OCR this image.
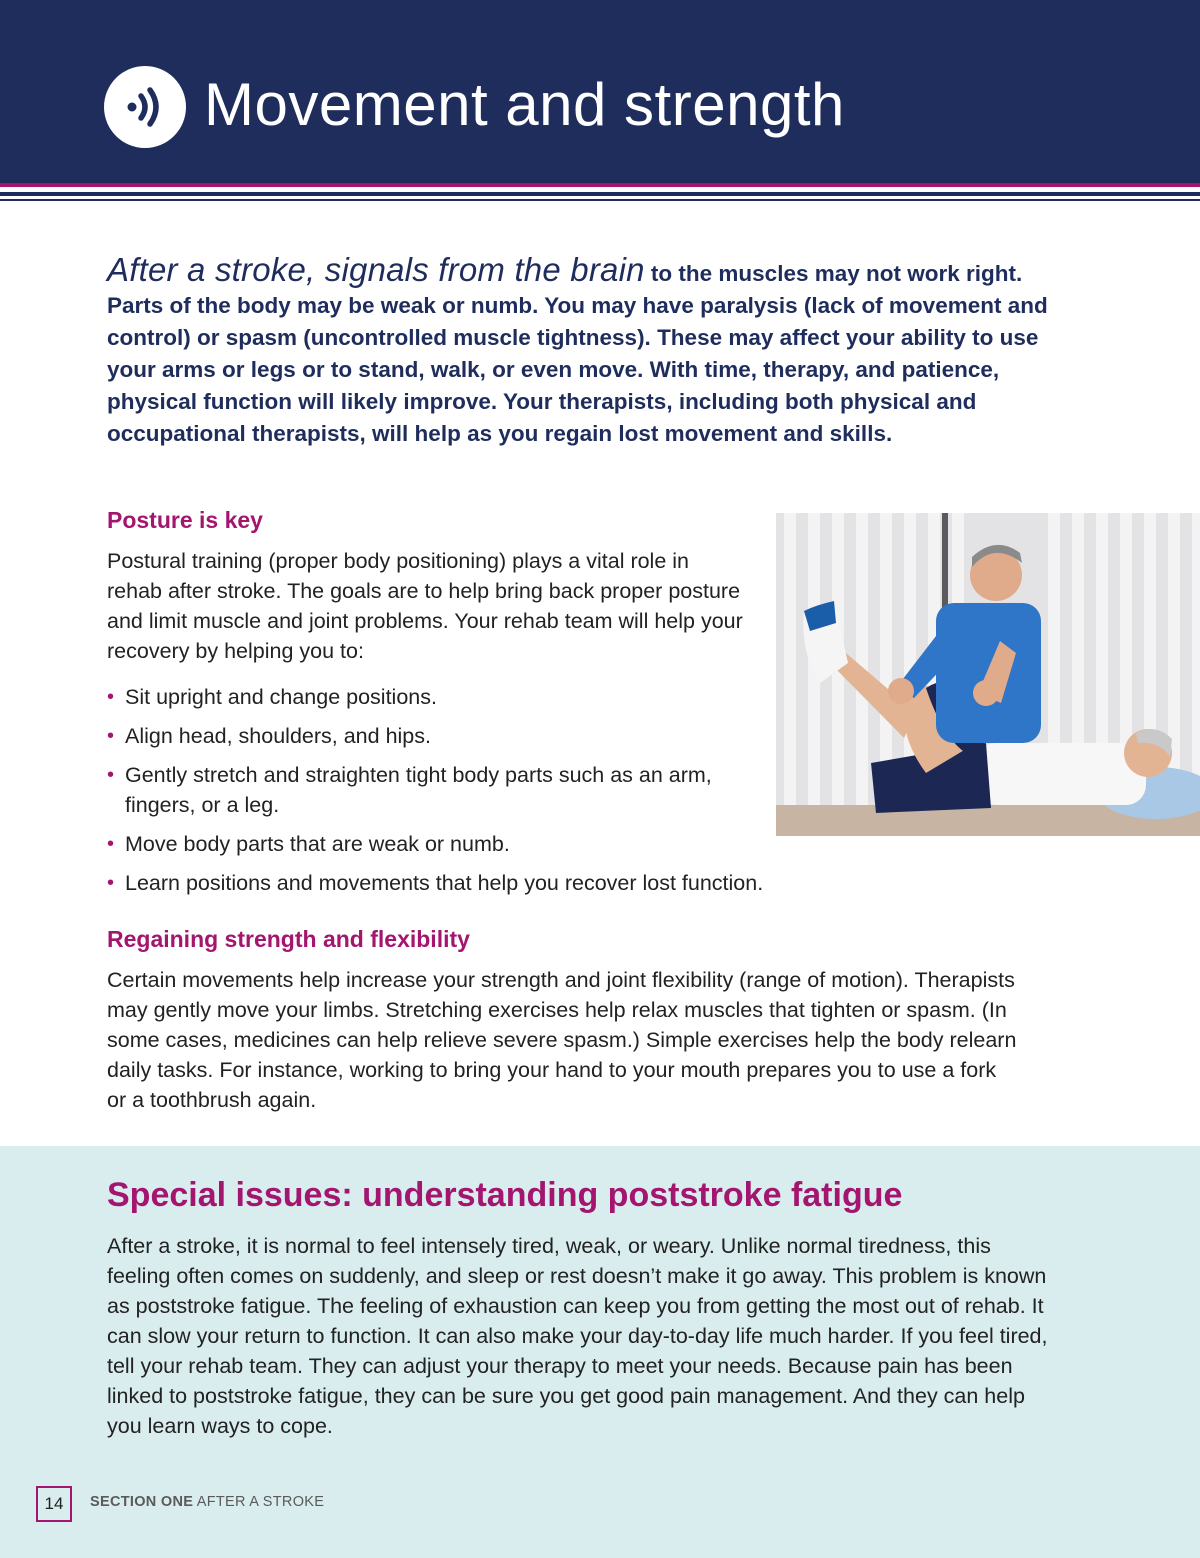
Movement and strength
After a stroke, signals from the brain to the muscles may not work right. Parts of the body may be weak or numb. You may have paralysis (lack of movement and control) or spasm (uncontrolled muscle tightness). These may affect your ability to use your arms or legs or to stand, walk, or even move. With time, therapy, and patience, physical function will likely improve. Your therapists, including both physical and occupational therapists, will help as you regain lost movement and skills.
Posture is key
Postural training (proper body positioning) plays a vital role in rehab after stroke. The goals are to help bring back proper posture and limit muscle and joint problems. Your rehab team will help your recovery by helping you to:
• Sit upright and change positions.
• Align head, shoulders, and hips.
• Gently stretch and straighten tight body parts such as an arm, fingers, or a leg.
• Move body parts that are weak or numb.
• Learn positions and movements that help you recover lost function.
Regaining strength and flexibility
Certain movements help increase your strength and joint flexibility (range of motion). Therapists may gently move your limbs. Stretching exercises help relax muscles that tighten or spasm. (In some cases, medicines can help relieve severe spasm.) Simple exercises help the body relearn daily tasks. For instance, working to bring your hand to your mouth prepares you to use a fork or a toothbrush again.
Special issues: understanding poststroke fatigue
After a stroke, it is normal to feel intensely tired, weak, or weary. Unlike normal tiredness, this feeling often comes on suddenly, and sleep or rest doesn’t make it go away. This problem is known as poststroke fatigue. The feeling of exhaustion can keep you from getting the most out of rehab. It can slow your return to function. It can also make your day-to-day life much harder. If you feel tired, tell your rehab team. They can adjust your therapy to meet your needs. Because pain has been linked to poststroke fatigue, they can be sure you get good pain management. And they can help you learn ways to cope.
14	SECTION ONE AFTER A STROKE
